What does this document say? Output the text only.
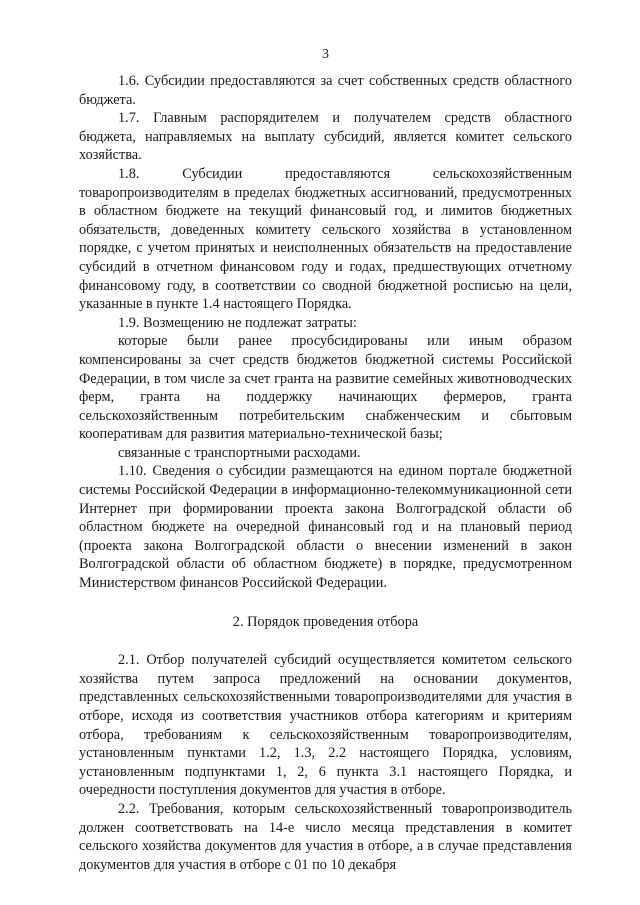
3

1.6. Субсидии предоставляются за счет собственных средств областного бюджета.

1.7. Главным распорядителем и получателем средств областного бюджета, направляемых на выплату субсидий, является комитет сельского хозяйства.

1.8. Субсидии предоставляются сельскохозяйственным товаропроизводителям в пределах бюджетных ассигнований, предусмотренных в областном бюджете на текущий финансовый год, и лимитов бюджетных обязательств, доведенных комитету сельского хозяйства в установленном порядке, с учетом принятых и неисполненных обязательств на предоставление субсидий в отчетном финансовом году и годах, предшествующих отчетному финансовому году, в соответствии со сводной бюджетной росписью на цели, указанные в пункте 1.4 настоящего Порядка.

1.9. Возмещению не подлежат затраты:

которые были ранее просубсидированы или иным образом компенсированы за счет средств бюджетов бюджетной системы Российской Федерации, в том числе за счет гранта на развитие семейных животноводческих ферм, гранта на поддержку начинающих фермеров, гранта сельскохозяйственным потребительским снабженческим и сбытовым кооперативам для развития материально-технической базы;

связанные с транспортными расходами.

1.10. Сведения о субсидии размещаются на едином портале бюджетной системы Российской Федерации в информационно-телекоммуникационной сети Интернет при формировании проекта закона Волгоградской области об областном бюджете на очередной финансовый год и на плановый период (проекта закона Волгоградской области о внесении изменений в закон Волгоградской области об областном бюджете) в порядке, предусмотренном Министерством финансов Российской Федерации.

2. Порядок проведения отбора

2.1. Отбор получателей субсидий осуществляется комитетом сельского хозяйства путем запроса предложений на основании документов, представленных сельскохозяйственными товаропроизводителями для участия в отборе, исходя из соответствия участников отбора категориям и критериям отбора, требованиям к сельскохозяйственным товаропроизводителям, установленным пунктами 1.2, 1.3, 2.2 настоящего Порядка, условиям, установленным подпунктами 1, 2, 6 пункта 3.1 настоящего Порядка, и очередности поступления документов для участия в отборе.

2.2. Требования, которым сельскохозяйственный товаропроизводитель должен соответствовать на 14-е число месяца представления в комитет сельского хозяйства документов для участия в отборе, а в случае представления документов для участия в отборе с 01 по 10 декабря
